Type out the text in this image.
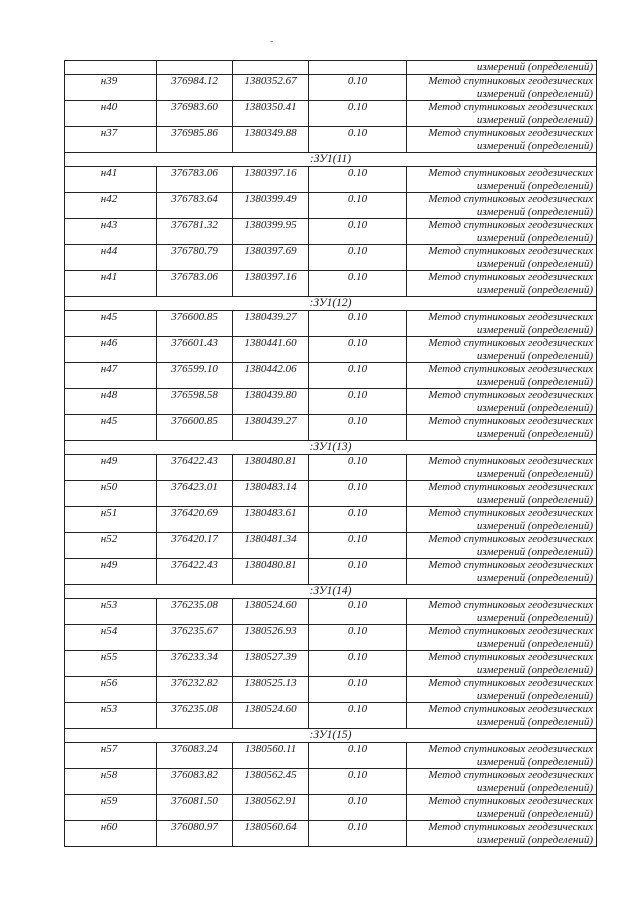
-
				измерений (определений)
н39	376984.12	1380352.67	0.10	Метод спутниковых геодезических
измерений (определений)

н40	376983.60	1380350.41	0.10	Метод спутниковых геодезических
измерений (определений)

н37	376985.86	1380349.88	0.10	Метод спутниковых геодезических
измерений (определений)

:ЗУ1(11)				
н41	376783.06	1380397.16	0.10	Метод спутниковых геодезических
измерений (определений)

н42	376783.64	1380399.49	0.10	Метод спутниковых геодезических
измерений (определений)

н43	376781.32	1380399.95	0.10	Метод спутниковых геодезических
измерений (определений)

н44	376780.79	1380397.69	0.10	Метод спутниковых геодезических
измерений (определений)

н41	376783.06	1380397.16	0.10	Метод спутниковых геодезических
измерений (определений)

:ЗУ1(12)				
н45	376600.85	1380439.27	0.10	Метод спутниковых геодезических
измерений (определений)

н46	376601.43	1380441.60	0.10	Метод спутниковых геодезических
измерений (определений)

н47	376599.10	1380442.06	0.10	Метод спутниковых геодезических
измерений (определений)

н48	376598.58	1380439.80	0.10	Метод спутниковых геодезических
измерений (определений)

н45	376600.85	1380439.27	0.10	Метод спутниковых геодезических
измерений (определений)

:ЗУ1(13)				
н49	376422.43	1380480.81	0.10	Метод спутниковых геодезических
измерений (определений)

н50	376423.01	1380483.14	0.10	Метод спутниковых геодезических
измерений (определений)

н51	376420.69	1380483.61	0.10	Метод спутниковых геодезических
измерений (определений)

н52	376420.17	1380481.34	0.10	Метод спутниковых геодезических
измерений (определений)

н49	376422.43	1380480.81	0.10	Метод спутниковых геодезических
измерений (определений)

:ЗУ1(14)				
н53	376235.08	1380524.60	0.10	Метод спутниковых геодезических
измерений (определений)

н54	376235.67	1380526.93	0.10	Метод спутниковых геодезических
измерений (определений)

н55	376233.34	1380527.39	0.10	Метод спутниковых геодезических
измерений (определений)

н56	376232.82	1380525.13	0.10	Метод спутниковых геодезических
измерений (определений)

н53	376235.08	1380524.60	0.10	Метод спутниковых геодезических
измерений (определений)

:ЗУ1(15)				
н57	376083.24	1380560.11	0.10	Метод спутниковых геодезических
измерений (определений)

н58	376083.82	1380562.45	0.10	Метод спутниковых геодезических
измерений (определений)

н59	376081.50	1380562.91	0.10	Метод спутниковых геодезических
измерений (определений)

н60	376080.97	1380560.64	0.10	Метод спутниковых геодезических
измерений (определений)
